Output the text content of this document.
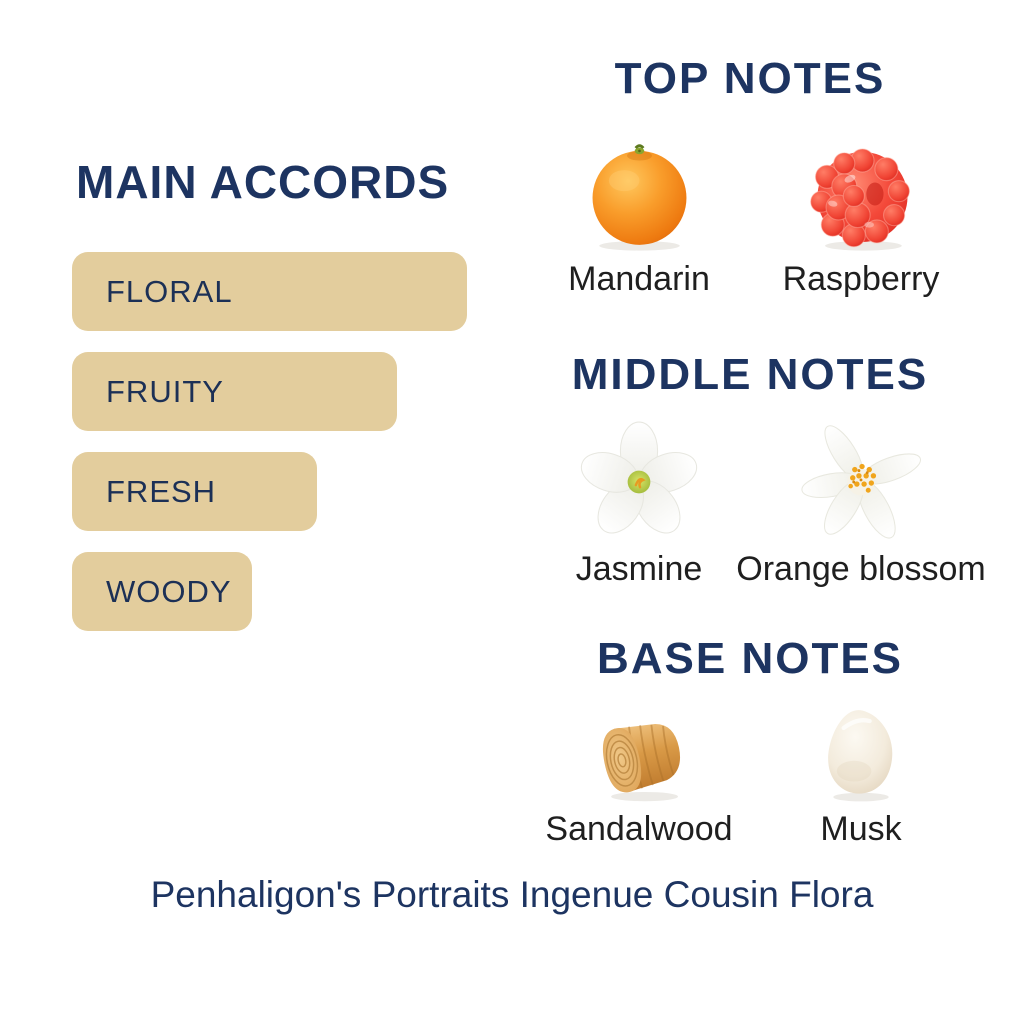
MAIN ACCORDS
FLORAL
FRUITY
FRESH
WOODY
TOP NOTES
Mandarin Raspberry
MIDDLE NOTES
Jasmine Orange blossom
BASE NOTES
Sandalwood	Musk
Penhaligon's Portraits Ingenue Cousin Flora
